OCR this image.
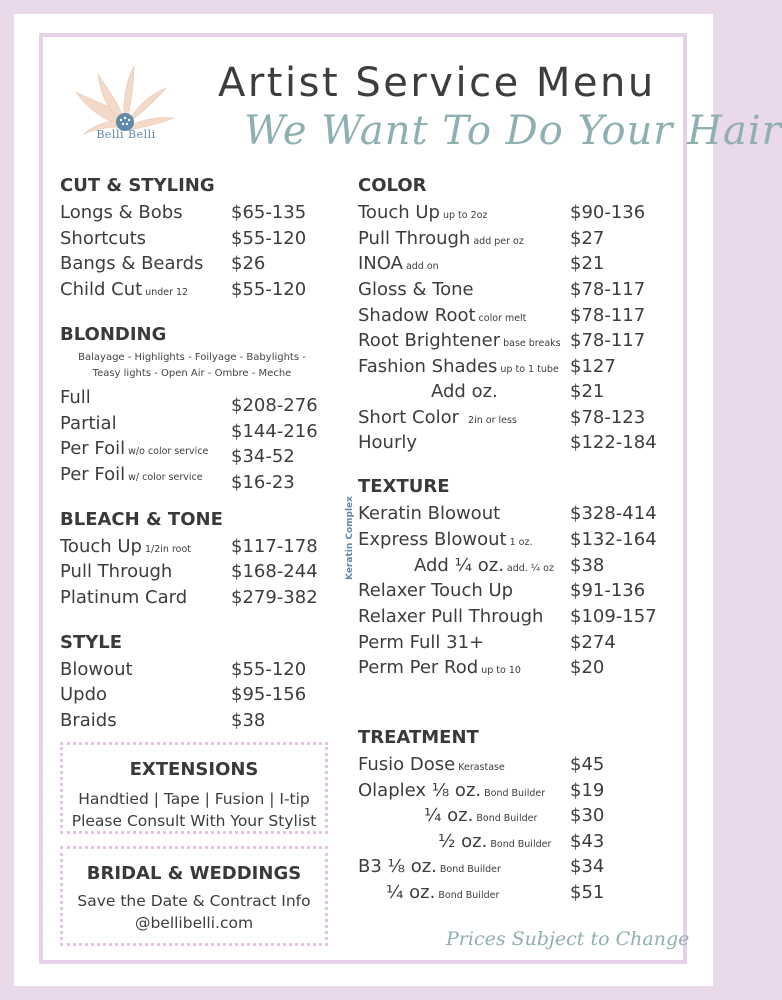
Belli Belli
Artist Service Menu
We Want To Do Your Hair
CUT & STYLING
Longs & Bobs	$65-135
Shortcuts	$55-120
Bangs & Beards $26
Child Cut under 12 $55-120
BLONDING
Balayage - Highlights - Foilyage - Babylights -
Teasy lights - Open Air - Ombre - Meche
Full	$208-276
Partial	$144-216
Per Foil w/o color service $34-52
Per Foil w/ color service $16-23
BLEACH & TONE
Touch Up 1/2in root $117-178
Pull Through	$168-244
Platinum Card $279-382
STYLE
Blowout	$55-120
Updo	$95-156
Braids	$38
EXTENSIONS
Handtied | Tape | Fusion | I-tip
Please Consult With Your Stylist
BRIDAL & WEDDINGS
Save the Date & Contract Info
@bellibelli.com
COLOR
Touch Up up to 2oz	$90-136
Pull Through add per oz	$27
INOA add on	$21
Gloss & Tone	$78-117
Shadow Root color melt $78-117
Root Brightener base breaks $78-117
Fashion Shades up to 1 tube $127
Add oz.	$21
Short Color 2in or less	$78-123
Hourly	$122-184
TEXTURE
Keratin Complex Keratin Blowout	$328-414
Express Blowout 1 oz. $132-164
Add ¼ oz. add. ¼ oz $38
Relaxer Touch Up	$91-136
Relaxer Pull Through $109-157
Perm Full 31+	$274
Perm Per Rod up to 10	$20
TREATMENT
Fusio Dose Kerastase	$45
Olaplex ⅛ oz. Bond Builder $19
¼ oz. Bond Builder $30
½ oz. Bond Builder $43
B3 ⅛ oz. Bond Builder	$34
¼ oz. Bond Builder	$51
Prices Subject to Change
